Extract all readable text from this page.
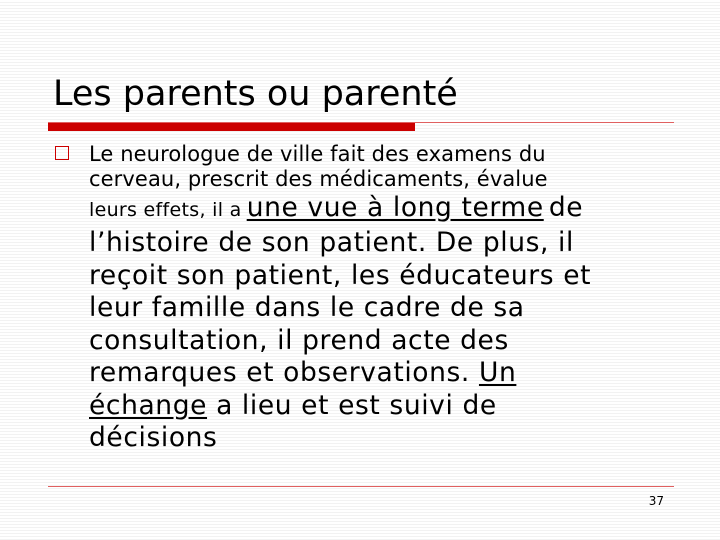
Les parents ou parenté
Le neurologue de ville fait des examens du
cerveau, prescrit des médicaments, évalue
leurs effets, il a une vue à long terme de
l’histoire de son patient. De plus, il
reçoit son patient, les éducateurs et
leur famille dans le cadre de sa
consultation, il prend acte des
remarques et observations. Un
échange a lieu et est suivi de
décisions
37
